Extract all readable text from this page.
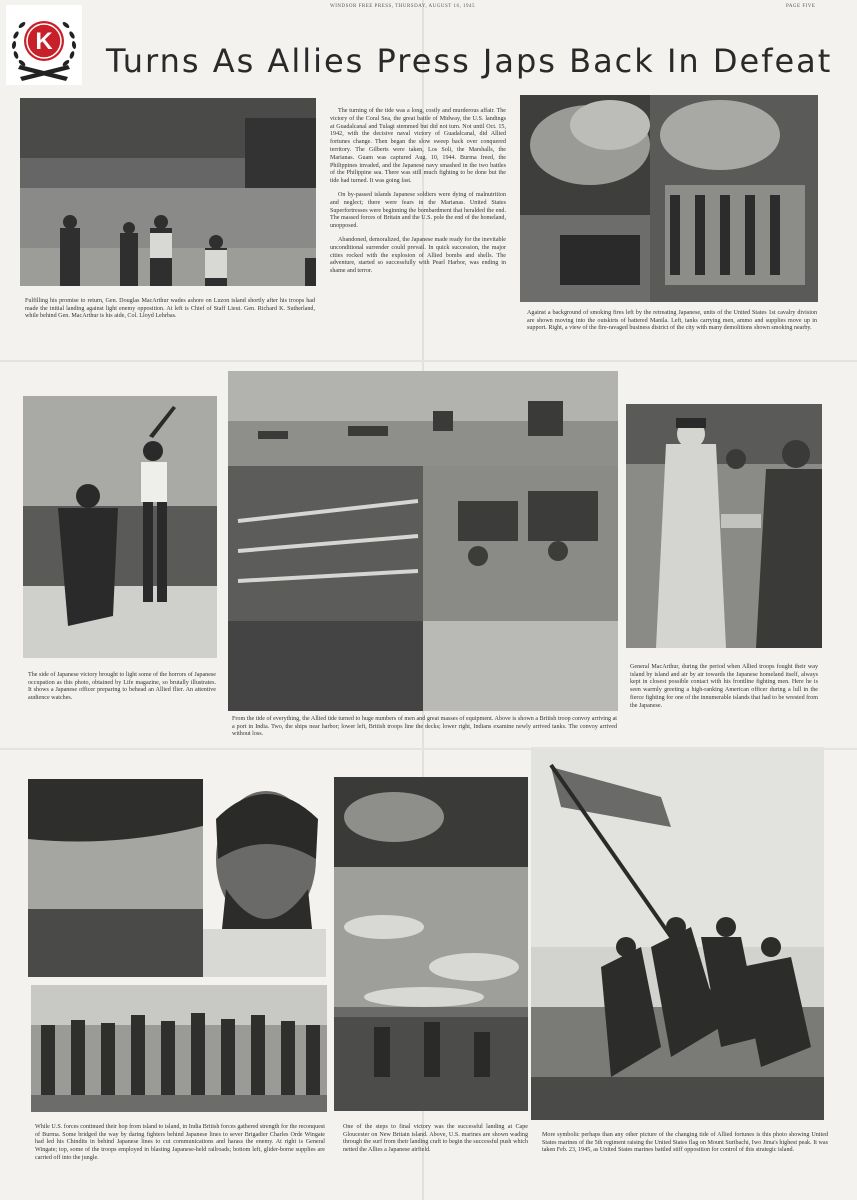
K
WINDSOR FREE PRESS, THURSDAY, AUGUST 16, 1945	PAGE FIVE
Turns As Allies Press Japs Back In Defeat
Fulfilling his promise to return, Gen. Douglas MacArthur wades ashore on Luzon island shortly after his troops had made the initial landing against light enemy opposition. At left is Chief of Staff Lieut. Gen. Richard K. Sutherland, while behind Gen. MacArthur is his aide, Col. Lloyd Lehrbas.

The turning of the tide was a long, costly and murderous affair. The victory of the Coral Sea, the great battle of Midway, the U.S. landings at Guadalcanal and Tulagi stemmed but did not turn. Not until Oct. 15, 1942, with the decisive naval victory of Guadalcanal, did Allied fortunes change. Then began the slow sweep back over conquered territory. The Gilberts were taken, Los Soli, the Marshalls, the Marianas. Guam was captured Aug. 10, 1944. Burma freed, the Philippines invaded, and the Japanese navy smashed in the two battles of the Philippine sea. There was still much fighting to be done but the tide had turned. It was going fast.

On by-passed islands Japanese soldiers were dying of malnutrition and neglect; there were fears in the Marianas. United States Superfortresses were beginning the bombardment that heralded the end. The massed forces of Britain and the U.S. pole the end of the homeland, unopposed.

Abandoned, demoralized, the Japanese made ready for the inevitable unconditional surrender could prevail. In quick succession, the major cities rocked with the explosion of Allied bombs and shells. The adventure, started so successfully with Pearl Harbor, was ending in shame and terror.

Against a background of smoking fires left by the retreating Japanese, units of the United States 1st cavalry division are shown moving into the outskirts of battered Manila. Left, tanks carrying men, ammo and supplies move up in support. Right, a view of the fire-ravaged business district of the city with many demolitions shown smoking nearby.
The side of Japanese victory brought to light some of the horrors of Japanese occupation as this photo, obtained by Life magazine, so brutally illustrates. It shows a Japanese officer preparing to behead an Allied flier. An attentive audience watches.
From the tide of everything, the Allied tide turned to huge numbers of men and great masses of equipment. Above is shown a British troop convoy arriving at a port in India. Two, the ships near harbor; lower left, British troops line the decks; lower right, Indians examine newly arrived tanks. The convoy arrived without loss.
General MacArthur, during the period when Allied troops fought their way island by island and air by air towards the Japanese homeland itself, always kept in closest possible contact with his frontline fighting men. Here he is seen warmly greeting a high-ranking American officer during a lull in the fierce fighting for one of the innumerable islands that had to be wrested from the Japanese.
While U.S. forces continued their hop from island to island, in India British forces gathered strength for the reconquest of Burma. Some bridged the way by daring fighters behind Japanese lines to sever Brigadier Charles Orde Wingate had led his Chindits in behind Japanese lines to cut communications and harass the enemy. At right is General Wingate; top, some of the troops employed in blasting Japanese-held railroads; bottom left, glider-borne supplies are carried off into the jungle.
One of the steps to final victory was the successful landing at Cape Gloucester on New Britain island. Above, U.S. marines are shown wading through the surf from their landing craft to begin the successful push which netted the Allies a Japanese airfield.
More symbolic perhaps than any other picture of the changing tide of Allied fortunes is this photo showing United States marines of the 5th regiment raising the United States flag on Mount Suribachi, Iwo Jima's highest peak. It was taken Feb. 23, 1945, as United States marines battled stiff opposition for control of this strategic island.
